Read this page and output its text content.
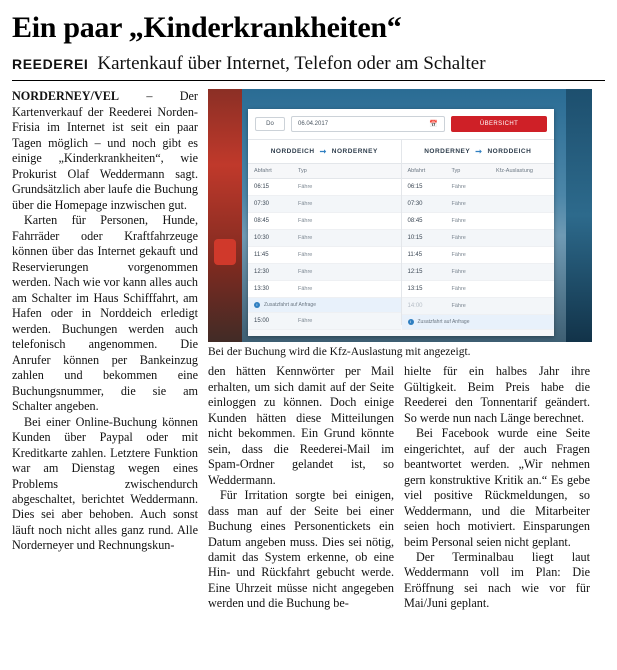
Ein paar „Kinderkrankheiten“
REEDEREI Kartenkauf über Internet, Telefon oder am Schalter

NORDERNEY/VEL – Der Kartenverkauf der Reederei Norden-Frisia im Internet ist seit ein paar Tagen möglich – und noch gibt es einige „Kinderkrankheiten“, wie Prokurist Olaf Weddermann sagt. Grundsätzlich aber laufe die Buchung über die Homepage inzwischen gut.

Karten für Personen, Hunde, Fahrräder oder Kraftfahrzeuge können über das Internet gekauft und Reservierungen vorgenommen werden. Nach wie vor kann alles auch am Schalter im Haus Schifffahrt, am Hafen oder in Norddeich erledigt werden. Buchungen werden auch telefonisch angenommen. Die Anrufer können per Bankeinzug zahlen und bekommen eine Buchungsnummer, die sie am Schalter angeben.

Bei einer Online-Buchung können Kunden über Paypal oder mit Kreditkarte zahlen. Letztere Funktion war am Dienstag wegen eines Problems zwischendurch abgeschaltet, berichtet Weddermann. Dies sei aber behoben. Auch sonst läuft noch nicht alles ganz rund. Alle Norderneyer und Rechnungskun-

Do	06.04.2017	📅	ÜBERSICHT
NORDDEICH ➞ NORDERNEY	NORDERNEY ➞ NORDDEICH
Abfahrt	Typ
06:15	Fähre
07:30	Fähre
08:45	Fähre
10:30	Fähre
11:45	Fähre
12:30	Fähre
13:30	Fähre
i	Zusatzfahrt auf Anfrage
15:00	Fähre
Abfahrt	Typ	Kfz-Auslastung
06:15	Fähre
07:30	Fähre
08:45	Fähre
10:15	Fähre
11:45	Fähre
12:15	Fähre
13:15	Fähre
14:00	Fähre
i	Zusatzfahrt auf Anfrage
Bei der Buchung wird die Kfz-Auslastung mit angezeigt.

den hätten Kennwörter per Mail erhalten, um sich damit auf der Seite einloggen zu können. Doch einige Kunden hätten diese Mitteilungen nicht bekommen. Ein Grund könnte sein, dass die Reederei-Mail im Spam-Ordner gelandet ist, so Weddermann.

Für Irritation sorgte bei einigen, dass man auf der Seite bei einer Buchung eines Personentickets ein Datum angeben muss. Dies sei nötig, damit das System erkenne, ob eine Hin- und Rückfahrt gebucht werde. Eine Uhrzeit müsse nicht angegeben werden und die Buchung be-

hielte für ein halbes Jahr ihre Gültigkeit. Beim Preis habe die Reederei den Tonnentarif geändert. So werde nun nach Länge berechnet.

Bei Facebook wurde eine Seite eingerichtet, auf der auch Fragen beantwortet werden. „Wir nehmen gern konstruktive Kritik an.“ Es gebe viel positive Rückmeldungen, so Weddermann, und die Mitarbeiter seien hoch motiviert. Einsparungen beim Personal seien nicht geplant.

Der Terminalbau liegt laut Weddermann voll im Plan: Die Eröffnung sei nach wie vor für Mai/Juni geplant.
